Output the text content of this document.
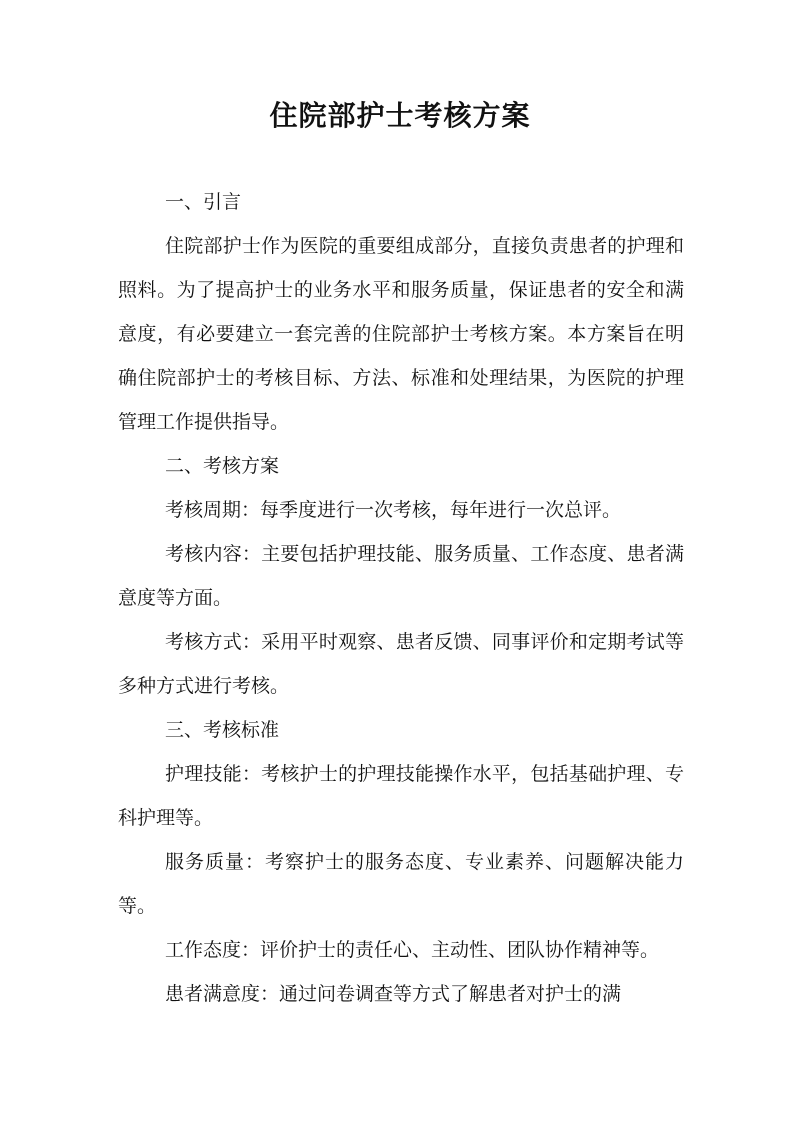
住院部护士考核方案

一、引言

住院部护士作为医院的重要组成部分，直接负责患者的护理和照料。为了提高护士的业务水平和服务质量，保证患者的安全和满意度，有必要建立一套完善的住院部护士考核方案。本方案旨在明确住院部护士的考核目标、方法、标准和处理结果，为医院的护理管理工作提供指导。

二、考核方案

考核周期：每季度进行一次考核，每年进行一次总评。

考核内容：主要包括护理技能、服务质量、工作态度、患者满意度等方面。

考核方式：采用平时观察、患者反馈、同事评价和定期考试等多种方式进行考核。

三、考核标准

护理技能：考核护士的护理技能操作水平，包括基础护理、专科护理等。

服务质量：考察护士的服务态度、专业素养、问题解决能力等。

工作态度：评价护士的责任心、主动性、团队协作精神等。

患者满意度：通过问卷调查等方式了解患者对护士的满
